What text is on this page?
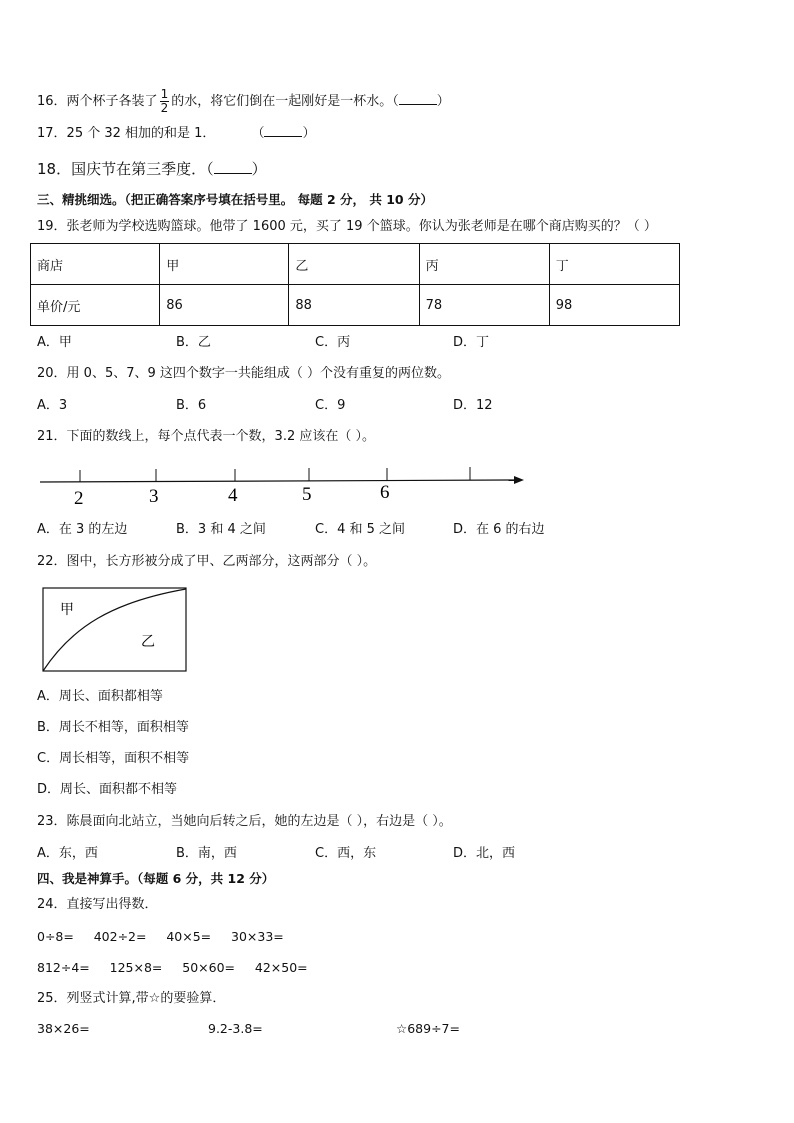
16．两个杯子各装了 $\frac{1}{2}$ 的水，将它们倒在一起刚好是一杯水。（	）
17．25 个 32 相加的和是 1．	（	）
18．国庆节在第三季度．（	）
三、精挑细选。（把正确答案序号填在括号里。 每题 2 分， 共 10 分）
19．张老师为学校选购篮球。他带了 1600 元，买了 19 个篮球。你认为张老师是在哪个商店购买的？（ ）
商店	甲	乙	丙	丁
单价/元	86	88	78	98
A．甲	B．乙	C．丙	D．丁
20．用 0、5、7、9 这四个数字一共能组成（ ）个没有重复的两位数。
A．3	B．6	C．9	D．12
21．下面的数线上，每个点代表一个数，3.2 应该在（ ）。
2	3	4	5	6
A．在 3 的左边	B．3 和 4 之间	C．4 和 5 之间	D．在 6 的右边
22．图中，长方形被分成了甲、乙两部分，这两部分（ ）。
甲
乙
A．周长、面积都相等
B．周长不相等，面积相等
C．周长相等，面积不相等
D．周长、面积都不相等
23．陈晨面向北站立，当她向后转之后，她的左边是（ ），右边是（ ）。
A．东，西	B．南，西	C．西，东	D．北，西
四、我是神算手。（每题 6 分，共 12 分）
24．直接写出得数．
0÷8=     402÷2=     40×5=     30×33=
812÷4=     125×8=     50×60=     42×50=
25．列竖式计算,带☆的要验算．
38×26=	9.2-3.8=	☆689÷7=
